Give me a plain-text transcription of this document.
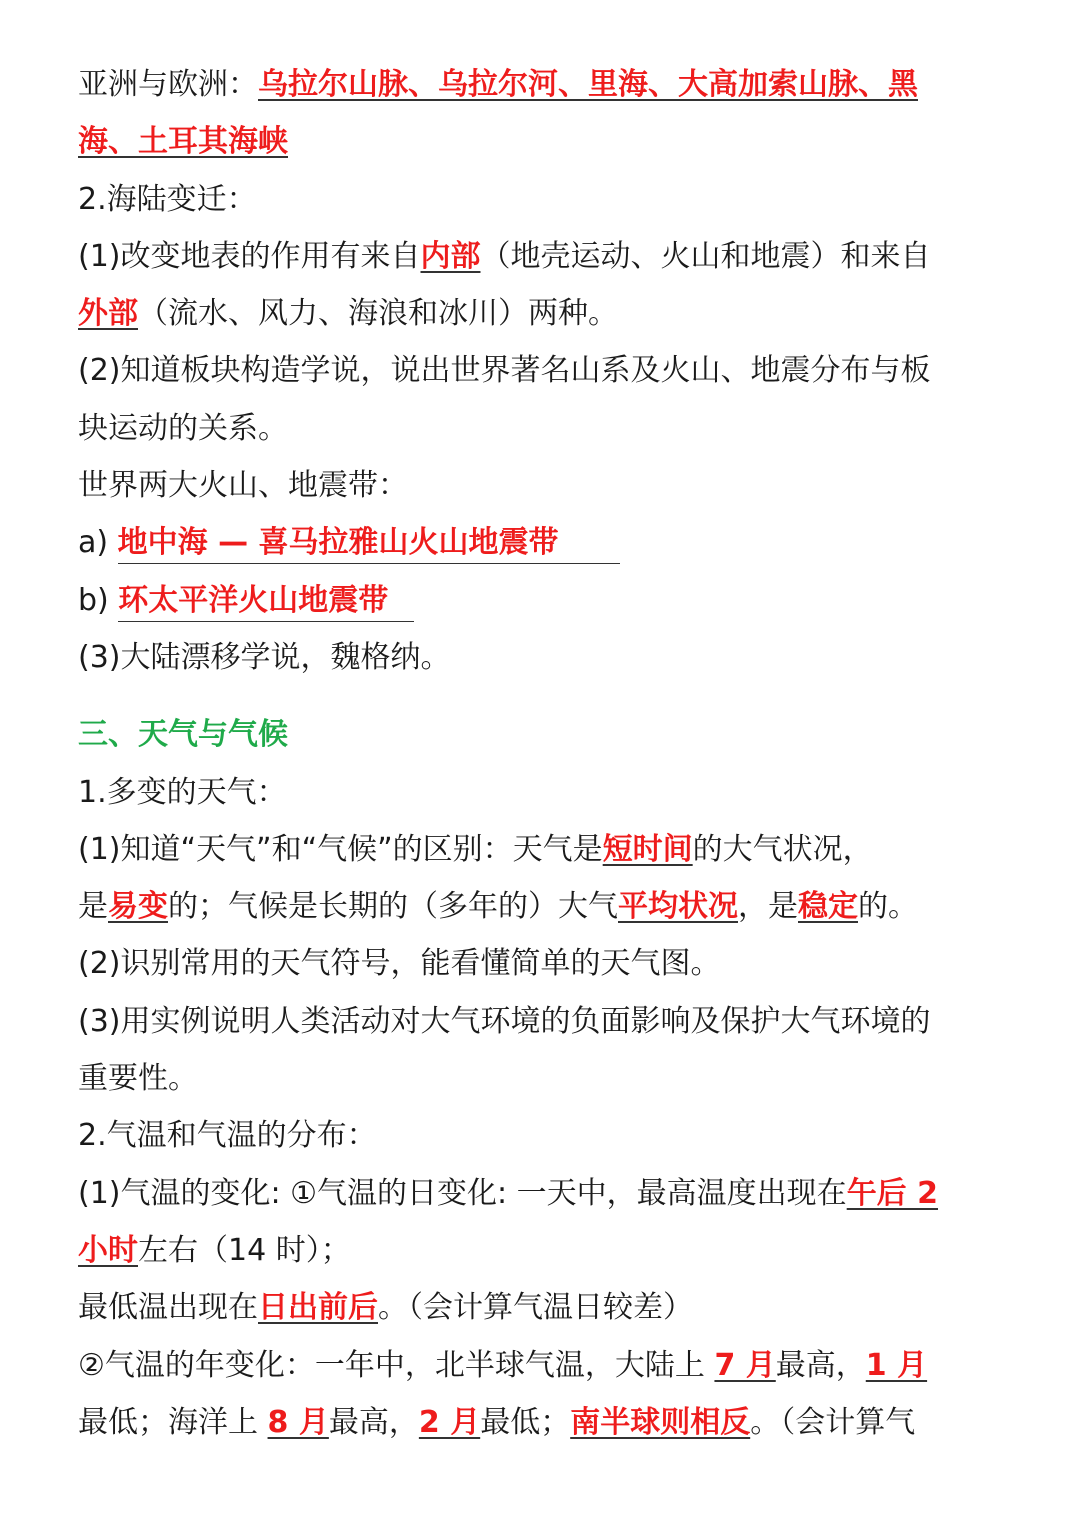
亚洲与欧洲：乌拉尔山脉、乌拉尔河、里海、大高加索山脉、黑
海、土耳其海峡
2.海陆变迁：
(1)改变地表的作用有来自内部（地壳运动、火山和地震）和来自
外部（流水、风力、海浪和冰川）两种。
(2)知道板块构造学说，说出世界著名山系及火山、地震分布与板
块运动的关系。
世界两大火山、地震带：
a) 地中海 — 喜马拉雅山火山地震带
b) 环太平洋火山地震带
(3)大陆漂移学说，魏格纳。
三、天气与气候
1.多变的天气：
(1)知道“天气”和“气候”的区别：天气是短时间的大气状况，
是易变的；气候是长期的（多年的）大气平均状况，是稳定的。
(2)识别常用的天气符号，能看懂简单的天气图。
(3)用实例说明人类活动对大气环境的负面影响及保护大气环境的
重要性。
2.气温和气温的分布：
(1)气温的变化: ①气温的日变化: 一天中，最高温度出现在午后 2
小时左右（14 时）；
最低温出现在日出前后。（会计算气温日较差）
②气温的年变化：一年中，北半球气温，大陆上 7 月最高，1 月
最低；海洋上 8 月最高，2 月最低；南半球则相反。（会计算气
